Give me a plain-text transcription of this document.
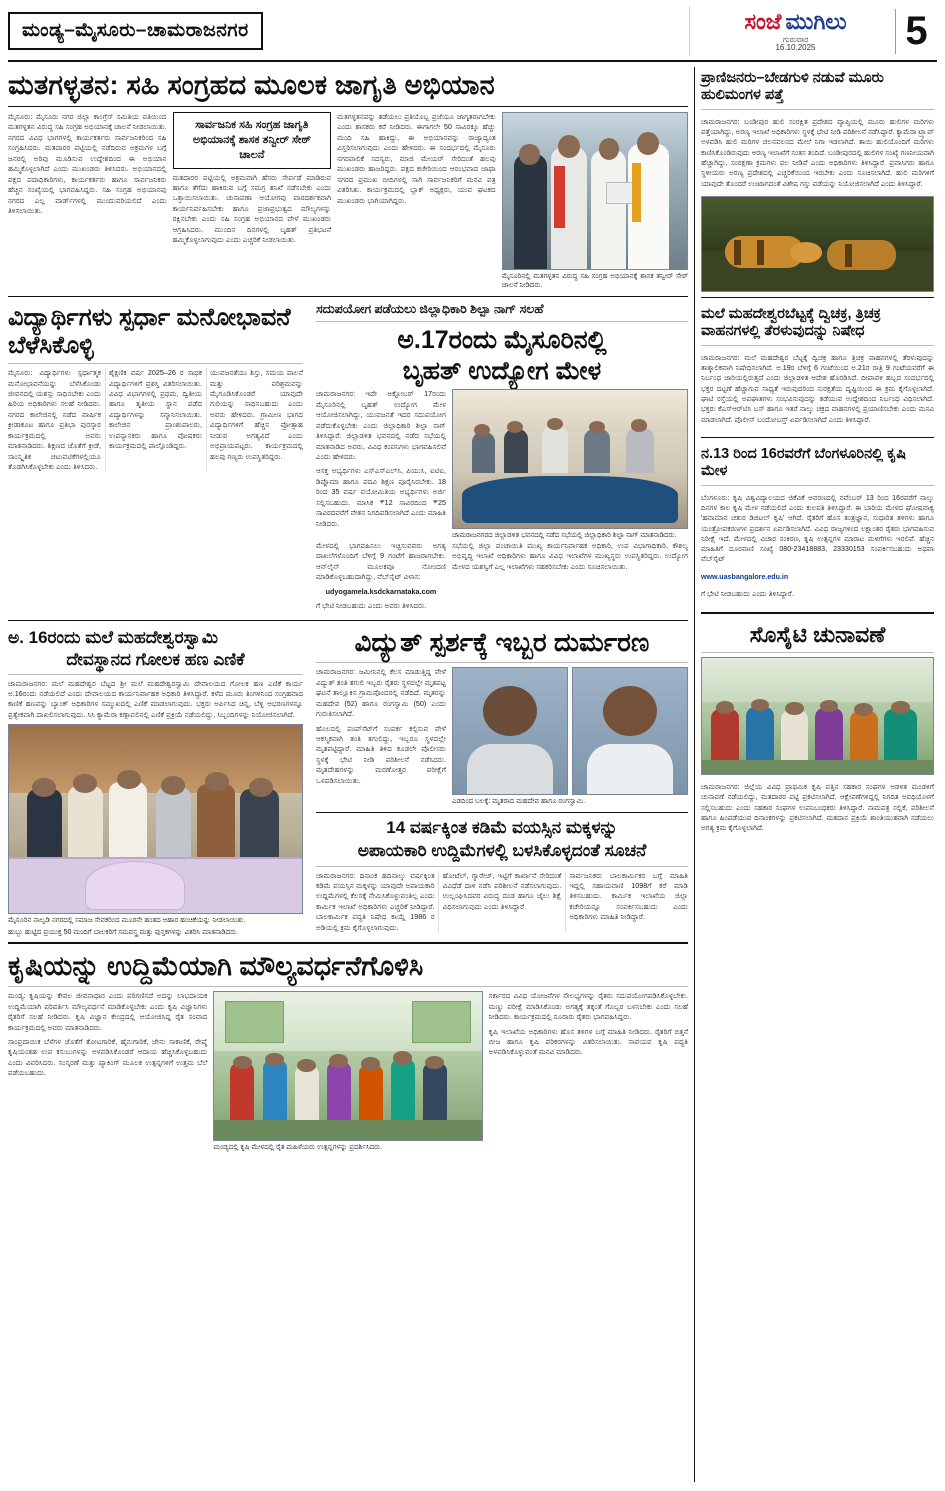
ಮಂಡ್ಯ–ಮೈಸೂರು–ಚಾಮರಾಜನಗರ	ಸಂಜೆ ಮುಗಿಲು
ಗುರುವಾರ
16.10.2025	5
ಮತಗಳ್ಳತನ: ಸಹಿ ಸಂಗ್ರಹದ ಮೂಲಕ ಜಾಗೃತಿ ಅಭಿಯಾನ

ಮೈಸೂರು: ಮೈಸೂರು ನಗರ ಜಿಲ್ಲಾ ಕಾಂಗ್ರೆಸ್ ಸಮಿತಿಯ ವತಿಯಿಂದ ಮತಗಳ್ಳತನ ವಿರುದ್ಧ ಸಹಿ ಸಂಗ್ರಹ ಅಭಿಯಾನಕ್ಕೆ ಚಾಲನೆ ನೀಡಲಾಯಿತು. ನಗರದ ವಿವಿಧ ಭಾಗಗಳಲ್ಲಿ ಕಾರ್ಯಕರ್ತರು ಸಾರ್ವಜನಿಕರಿಂದ ಸಹಿ ಸಂಗ್ರಹಿಸಿದರು. ಮತದಾರರ ಪಟ್ಟಿಯಲ್ಲಿ ನಡೆದಿರುವ ಅಕ್ರಮಗಳ ಬಗ್ಗೆ ಜನರಲ್ಲಿ ಅರಿವು ಮೂಡಿಸುವ ಉದ್ದೇಶದಿಂದ ಈ ಅಭಿಯಾನ ಹಮ್ಮಿಕೊಳ್ಳಲಾಗಿದೆ ಎಂದು ಮುಖಂಡರು ತಿಳಿಸಿದರು. ಅಭಿಯಾನದಲ್ಲಿ ಪಕ್ಷದ ಪದಾಧಿಕಾರಿಗಳು, ಕಾರ್ಯಕರ್ತರು ಹಾಗೂ ಸಾರ್ವಜನಿಕರು ಹೆಚ್ಚಿನ ಸಂಖ್ಯೆಯಲ್ಲಿ ಭಾಗವಹಿಸಿದ್ದರು. ಸಹಿ ಸಂಗ್ರಹ ಅಭಿಯಾನವು ನಗರದ ಎಲ್ಲ ವಾರ್ಡ್‌ಗಳಲ್ಲಿ ಮುಂದುವರಿಯಲಿದೆ ಎಂದು ತಿಳಿಸಲಾಯಿತು.

ಸಾರ್ವಜನಿಕ ಸಹಿ ಸಂಗ್ರಹ ಜಾಗೃತಿ ಅಭಿಯಾನಕ್ಕೆ ಶಾಸಕ ತನ್ವೀರ್ ಸೇಠ್ ಚಾಲನೆ

ಮತದಾರರ ಪಟ್ಟಿಯಲ್ಲಿ ಅಕ್ರಮವಾಗಿ ಹೆಸರು ಸೇರ್ಪಡೆ ಮಾಡಿರುವ ಹಾಗೂ ತೆಗೆದು ಹಾಕಿರುವ ಬಗ್ಗೆ ಸಮಗ್ರ ತನಿಖೆ ನಡೆಸಬೇಕು ಎಂದು ಒತ್ತಾಯಿಸಲಾಯಿತು. ಚುನಾವಣಾ ಆಯೋಗವು ಪಾರದರ್ಶಕವಾಗಿ ಕಾರ್ಯನಿರ್ವಹಿಸಬೇಕು ಹಾಗೂ ಪ್ರಜಾಪ್ರಭುತ್ವದ ಮೌಲ್ಯಗಳನ್ನು ರಕ್ಷಿಸಬೇಕು ಎಂದು ಸಹಿ ಸಂಗ್ರಹ ಅಭಿಯಾನದ ವೇಳೆ ಮುಖಂಡರು ಆಗ್ರಹಿಸಿದರು. ಮುಂದಿನ ದಿನಗಳಲ್ಲಿ ಬೃಹತ್ ಪ್ರತಿಭಟನೆ ಹಮ್ಮಿಕೊಳ್ಳಲಾಗುವುದು ಎಂದು ಎಚ್ಚರಿಕೆ ನೀಡಲಾಯಿತು.

ಮತಗಳ್ಳತನವನ್ನು ತಡೆಯಲು ಪ್ರತಿಯೊಬ್ಬ ಪ್ರಜೆಯೂ ಜಾಗೃತರಾಗಬೇಕು ಎಂದು ಶಾಸಕರು ಕರೆ ನೀಡಿದರು. ಈಗಾಗಲೇ 50 ಸಾವಿರಕ್ಕೂ ಹೆಚ್ಚು ಮಂದಿ ಸಹಿ ಹಾಕಿದ್ದು, ಈ ಅಭಿಯಾನವನ್ನು ರಾಜ್ಯಾದ್ಯಂತ ವಿಸ್ತರಿಸಲಾಗುವುದು ಎಂದು ಹೇಳಿದರು. ಈ ಸಂದರ್ಭದಲ್ಲಿ ಮೈಸೂರು ನಗರಪಾಲಿಕೆ ಸದಸ್ಯರು, ಮಾಜಿ ಮೇಯರ್ ಸೇರಿದಂತೆ ಹಲವು ಮುಖಂಡರು ಹಾಜರಿದ್ದರು. ಪಕ್ಷದ ಕಚೇರಿಯಿಂದ ಆರಂಭವಾದ ಜಾಥಾ ನಗರದ ಪ್ರಮುಖ ಬೀದಿಗಳಲ್ಲಿ ಸಾಗಿ ಸಾರ್ವಜನಿಕರಿಗೆ ಮನವಿ ಪತ್ರ ವಿತರಿಸಿತು. ಕಾರ್ಯಕ್ರಮದಲ್ಲಿ ಬ್ಲಾಕ್ ಅಧ್ಯಕ್ಷರು, ಯುವ ಘಟಕದ ಮುಖಂಡರು ಭಾಗಿಯಾಗಿದ್ದರು.

ಮೈಸೂರಿನಲ್ಲಿ ಮತಗಳ್ಳತನ ವಿರುದ್ಧ ಸಹಿ ಸಂಗ್ರಹ ಅಭಿಯಾನಕ್ಕೆ ಶಾಸಕ ತನ್ವೀರ್ ಸೇಠ್ ಚಾಲನೆ ನೀಡಿದರು.
ವಿದ್ಯಾರ್ಥಿಗಳು ಸ್ಪರ್ಧಾ ಮನೋಭಾವನೆ ಬೆಳೆಸಿಕೊಳ್ಳಿ

ಮೈಸೂರು: ವಿದ್ಯಾರ್ಥಿಗಳು ಸ್ಪರ್ಧಾತ್ಮಕ ಮನೋಭಾವನೆಯನ್ನು ಬೆಳೆಸಿಕೊಂಡು ಜೀವನದಲ್ಲಿ ಯಶಸ್ಸು ಸಾಧಿಸಬೇಕು ಎಂದು ಹಿರಿಯ ಅಧಿಕಾರಿಗಳು ಸಲಹೆ ನೀಡಿದರು. ನಗರದ ಕಾಲೇಜಿನಲ್ಲಿ ನಡೆದ ವಾರ್ಷಿಕ ಕ್ರೀಡಾಕೂಟ ಹಾಗೂ ಪ್ರತಿಭಾ ಪುರಸ್ಕಾರ ಕಾರ್ಯಕ್ರಮದಲ್ಲಿ ಅವರು ಮಾತನಾಡಿದರು. ಶಿಕ್ಷಣದ ಜೊತೆಗೆ ಕ್ರೀಡೆ, ಸಾಂಸ್ಕೃತಿಕ ಚಟುವಟಿಕೆಗಳಲ್ಲಿಯೂ ತೊಡಗಿಸಿಕೊಳ್ಳಬೇಕು ಎಂದು ತಿಳಿಸಿದರು.

ಶೈಕ್ಷಣಿಕ ವರ್ಷ 2025–26 ರ ಸಾಧಕ ವಿದ್ಯಾರ್ಥಿಗಳಿಗೆ ಪ್ರಶಸ್ತಿ ವಿತರಿಸಲಾಯಿತು. ವಿವಿಧ ವಿಭಾಗಗಳಲ್ಲಿ ಪ್ರಥಮ, ದ್ವಿತೀಯ ಹಾಗೂ ತೃತೀಯ ಸ್ಥಾನ ಪಡೆದ ವಿದ್ಯಾರ್ಥಿಗಳನ್ನು ಸನ್ಮಾನಿಸಲಾಯಿತು. ಕಾಲೇಜಿನ ಪ್ರಾಂಶುಪಾಲರು, ಉಪನ್ಯಾಸಕರು ಹಾಗೂ ಪೋಷಕರು ಕಾರ್ಯಕ್ರಮದಲ್ಲಿ ಪಾಲ್ಗೊಂಡಿದ್ದರು.

ಯುವಜನತೆಯು ಶಿಸ್ತು, ಸಮಯ ಪಾಲನೆ ಮತ್ತು ಪರಿಶ್ರಮವನ್ನು ಮೈಗೂಡಿಸಿಕೊಂಡರೆ ಯಾವುದೇ ಗುರಿಯನ್ನು ಸಾಧಿಸಬಹುದು ಎಂದು ಅವರು ಹೇಳಿದರು. ಗ್ರಾಮೀಣ ಭಾಗದ ವಿದ್ಯಾರ್ಥಿಗಳಿಗೆ ಹೆಚ್ಚಿನ ಪ್ರೋತ್ಸಾಹ ನೀಡುವ ಅಗತ್ಯವಿದೆ ಎಂದು ಅಭಿಪ್ರಾಯಪಟ್ಟರು. ಕಾರ್ಯಕ್ರಮದಲ್ಲಿ ಹಲವು ಗಣ್ಯರು ಉಪಸ್ಥಿತರಿದ್ದರು.

ಸದುಪಯೋಗ ಪಡೆಯಲು ಜಿಲ್ಲಾಧಿಕಾರಿ ಶಿಲ್ಪಾ ನಾಗ್ ಸಲಹೆ
ಅ.17ರಂದು ಮೈಸೂರಿನಲ್ಲಿ
ಬೃಹತ್ ಉದ್ಯೋಗ ಮೇಳ

ಚಾಮರಾಜನಗರ: ಇದೇ ಅಕ್ಟೋಬರ್ 17ರಂದು ಮೈಸೂರಿನಲ್ಲಿ ಬೃಹತ್ ಉದ್ಯೋಗ ಮೇಳ ಆಯೋಜಿಸಲಾಗಿದ್ದು, ಯುವಜನತೆ ಇದರ ಸದುಪಯೋಗ ಪಡೆದುಕೊಳ್ಳಬೇಕು ಎಂದು ಜಿಲ್ಲಾಧಿಕಾರಿ ಶಿಲ್ಪಾ ನಾಗ್ ತಿಳಿಸಿದ್ದಾರೆ. ಜಿಲ್ಲಾಡಳಿತ ಭವನದಲ್ಲಿ ನಡೆದ ಸಭೆಯಲ್ಲಿ ಮಾತನಾಡಿದ ಅವರು, ವಿವಿಧ ಕಂಪನಿಗಳು ಭಾಗವಹಿಸಲಿವೆ ಎಂದು ಹೇಳಿದರು.

ಆಸಕ್ತ ಅಭ್ಯರ್ಥಿಗಳು ಎಸ್‌ಎಸ್‌ಎಲ್‌ಸಿ, ಪಿಯುಸಿ, ಐಟಿಐ, ಡಿಪ್ಲೊಮಾ ಹಾಗೂ ಪದವಿ ಶಿಕ್ಷಣ ಪೂರೈಸಿರಬೇಕು. 18 ರಿಂದ 35 ವರ್ಷ ವಯೋಮಿತಿಯ ಅಭ್ಯರ್ಥಿಗಳು ಅರ್ಜಿ ಸಲ್ಲಿಸಬಹುದು. ಮಾಸಿಕ ₹12 ಸಾವಿರದಿಂದ ₹25 ಸಾವಿರದವರೆಗೆ ವೇತನ ನಿಗದಿಪಡಿಸಲಾಗಿದೆ ಎಂದು ಮಾಹಿತಿ ನೀಡಿದರು.

ಚಾಮರಾಜನಗರದ ಜಿಲ್ಲಾಡಳಿತ ಭವನದಲ್ಲಿ ನಡೆದ ಸಭೆಯಲ್ಲಿ ಜಿಲ್ಲಾಧಿಕಾರಿ ಶಿಲ್ಪಾ ನಾಗ್ ಮಾತನಾಡಿದರು.

ಮೇಳದಲ್ಲಿ ಭಾಗವಹಿಸಲು ಇಚ್ಛಿಸುವವರು ಅಗತ್ಯ ದಾಖಲೆಗಳೊಂದಿಗೆ ಬೆಳಿಗ್ಗೆ 9 ಗಂಟೆಗೆ ಹಾಜರಾಗಬೇಕು. ಆನ್‌ಲೈನ್ ಮೂಲಕವೂ ನೋಂದಣಿ ಮಾಡಿಕೊಳ್ಳಬಹುದಾಗಿದ್ದು, ವೆಬ್‌ಸೈಟ್ ವಿಳಾಸ:

udyogamela.ksdckarnataka.com

ಗೆ ಭೇಟಿ ನೀಡಬಹುದು ಎಂದು ಅವರು ತಿಳಿಸಿದರು.

ಸಭೆಯಲ್ಲಿ ಜಿಲ್ಲಾ ಪಂಚಾಯಿತಿ ಮುಖ್ಯ ಕಾರ್ಯನಿರ್ವಾಹಕ ಅಧಿಕಾರಿ, ಉಪ ವಿಭಾಗಾಧಿಕಾರಿ, ಕೌಶಲ್ಯ ಅಭಿವೃದ್ಧಿ ಇಲಾಖೆ ಅಧಿಕಾರಿಗಳು ಹಾಗೂ ವಿವಿಧ ಇಲಾಖೆಗಳ ಮುಖ್ಯಸ್ಥರು ಉಪಸ್ಥಿತರಿದ್ದರು. ಉದ್ಯೋಗ ಮೇಳದ ಯಶಸ್ವಿಗೆ ಎಲ್ಲ ಇಲಾಖೆಗಳು ಸಹಕರಿಸಬೇಕು ಎಂದು ಸೂಚಿಸಲಾಯಿತು.

ಅ. 16ರಂದು ಮಲೆ ಮಹದೇಶ್ವರಸ್ವಾಮಿ
ದೇವಸ್ಥಾನದ ಗೋಲಕ ಹಣ ಎಣಿಕೆ

ಚಾಮರಾಜನಗರ: ಮಲೆ ಮಹದೇಶ್ವರ ಬೆಟ್ಟದ ಶ್ರೀ ಮಲೆ ಮಹದೇಶ್ವರಸ್ವಾಮಿ ದೇವಾಲಯದ ಗೋಲಕ ಹಣ ಎಣಿಕೆ ಕಾರ್ಯ ಅ.16ರಂದು ನಡೆಯಲಿದೆ ಎಂದು ದೇವಾಲಯದ ಕಾರ್ಯನಿರ್ವಾಹಕ ಅಧಿಕಾರಿ ತಿಳಿಸಿದ್ದಾರೆ. ಕಳೆದ ಮೂರು ತಿಂಗಳಿನಿಂದ ಸಂಗ್ರಹವಾದ ಕಾಣಿಕೆ ಹಣವನ್ನು ಬ್ಯಾಂಕ್ ಅಧಿಕಾರಿಗಳ ಸಮ್ಮುಖದಲ್ಲಿ ಎಣಿಕೆ ಮಾಡಲಾಗುವುದು. ಭಕ್ತರು ಅರ್ಪಿಸಿದ ಚಿನ್ನ, ಬೆಳ್ಳಿ ಆಭರಣಗಳನ್ನೂ ಪ್ರತ್ಯೇಕವಾಗಿ ದಾಖಲಿಸಲಾಗುವುದು. ಸಿಸಿ ಕ್ಯಾಮೆರಾ ಕಣ್ಗಾವಲಿನಲ್ಲಿ ಎಣಿಕೆ ಪ್ರಕ್ರಿಯೆ ನಡೆಯಲಿದ್ದು, ಸಿಬ್ಬಂದಿಗಳನ್ನು ನಿಯೋಜಿಸಲಾಗಿದೆ.

ಮೈಸೂರಿನ ನಾಲ್ವಡಿ ನಗರದಲ್ಲಿ ಸಮಾಜ ಸೇವಕರಿಂದ ಮೂರನೇ ಹಂತದ ಆಹಾರ ಹಂಚಿಕೆಯನ್ನು ನೀಡಲಾಯಿತು.
ಹುಬ್ಬು ಹುಟ್ಟಿದ ಪ್ರಯುಕ್ತ 50 ಮಂದಿಗೆ ಬಾಲಕರಿಗೆ ಸಮವಸ್ತ್ರ ಮತ್ತು ಪುಸ್ತಕಗಳನ್ನು ವಿತರಿಸಿ ಮಾತನಾಡಿದರು.
ವಿದ್ಯುತ್ ಸ್ಪರ್ಶಕ್ಕೆ ಇಬ್ಬರ ದುರ್ಮರಣ

ಚಾಮರಾಜನಗರ: ಜಮೀನಿನಲ್ಲಿ ಕೆಲಸ ಮಾಡುತ್ತಿದ್ದ ವೇಳೆ ವಿದ್ಯುತ್ ತಂತಿ ತಗುಲಿ ಇಬ್ಬರು ರೈತರು ಸ್ಥಳದಲ್ಲೇ ಮೃತಪಟ್ಟ ಘಟನೆ ತಾಲ್ಲೂಕಿನ ಗ್ರಾಮವೊಂದರಲ್ಲಿ ನಡೆದಿದೆ. ಮೃತರನ್ನು ಮಹದೇವ (52) ಹಾಗೂ ರಂಗಸ್ವಾಮಿ (50) ಎಂದು ಗುರುತಿಸಲಾಗಿದೆ.

ಹೊಲದಲ್ಲಿ ಪಂಪ್‌ಸೆಟ್‌ಗೆ ಸಂಪರ್ಕ ಕಲ್ಪಿಸುವ ವೇಳೆ ಆಕಸ್ಮಿಕವಾಗಿ ತಂತಿ ತಗುಲಿದ್ದು, ಇಬ್ಬರೂ ಸ್ಥಳದಲ್ಲೇ ಮೃತಪಟ್ಟಿದ್ದಾರೆ. ಮಾಹಿತಿ ತಿಳಿದ ಕೂಡಲೇ ಪೊಲೀಸರು ಸ್ಥಳಕ್ಕೆ ಭೇಟಿ ನೀಡಿ ಪರಿಶೀಲನೆ ನಡೆಸಿದರು. ಮೃತದೇಹಗಳನ್ನು ಮರಣೋತ್ತರ ಪರೀಕ್ಷೆಗೆ ಒಳಪಡಿಸಲಾಯಿತು.

ಎಡದಿಂದ ಬಲಕ್ಕೆ: ಮೃತರಾದ ಮಹದೇವ ಹಾಗೂ ರಂಗಸ್ವಾಮಿ.
14 ವರ್ಷಕ್ಕಿಂತ ಕಡಿಮೆ ವಯಸ್ಸಿನ ಮಕ್ಕಳನ್ನು
ಅಪಾಯಕಾರಿ ಉದ್ದಿಮೆಗಳಲ್ಲಿ ಬಳಸಿಕೊಳ್ಳದಂತೆ ಸೂಚನೆ

ಚಾಮರಾಜನಗರ: ದಿನಾಂಕ ಹದಿನಾಲ್ಕು ವರ್ಷಕ್ಕಿಂತ ಕಡಿಮೆ ವಯಸ್ಸಿನ ಮಕ್ಕಳನ್ನು ಯಾವುದೇ ಅಪಾಯಕಾರಿ ಉದ್ದಿಮೆಗಳಲ್ಲಿ ಕೆಲಸಕ್ಕೆ ನೇಮಿಸಿಕೊಳ್ಳುವಂತಿಲ್ಲ ಎಂದು ಕಾರ್ಮಿಕ ಇಲಾಖೆ ಅಧಿಕಾರಿಗಳು ಎಚ್ಚರಿಕೆ ನೀಡಿದ್ದಾರೆ. ಬಾಲಕಾರ್ಮಿಕ ಪದ್ಧತಿ ನಿಷೇಧ ಕಾಯ್ದೆ 1986 ರ ಅಡಿಯಲ್ಲಿ ಕ್ರಮ ಕೈಗೊಳ್ಳಲಾಗುವುದು.

ಹೋಟೆಲ್, ಗ್ಯಾರೇಜ್, ಇಟ್ಟಿಗೆ ಕಾರ್ಖಾನೆ ಸೇರಿದಂತೆ ವಿವಿಧೆಡೆ ದಾಳಿ ನಡೆಸಿ ಪರಿಶೀಲನೆ ನಡೆಸಲಾಗುವುದು. ಉಲ್ಲಂಘಿಸಿದವರ ವಿರುದ್ಧ ದಂಡ ಹಾಗೂ ಜೈಲು ಶಿಕ್ಷೆ ವಿಧಿಸಲಾಗುವುದು ಎಂದು ತಿಳಿಸಿದ್ದಾರೆ.

ಸಾರ್ವಜನಿಕರು ಬಾಲಕಾರ್ಮಿಕರ ಬಗ್ಗೆ ಮಾಹಿತಿ ಇದ್ದಲ್ಲಿ ಸಹಾಯವಾಣಿ 1098ಗೆ ಕರೆ ಮಾಡಿ ತಿಳಿಸಬಹುದು. ಕಾರ್ಮಿಕ ಇಲಾಖೆಯ ಜಿಲ್ಲಾ ಕಚೇರಿಯನ್ನೂ ಸಂಪರ್ಕಿಸಬಹುದು ಎಂದು ಅಧಿಕಾರಿಗಳು ಮಾಹಿತಿ ನೀಡಿದ್ದಾರೆ.

ಕೃಷಿಯನ್ನು ಉದ್ದಿಮೆಯಾಗಿ ಮೌಲ್ಯವರ್ಧನೆಗೊಳಿಸಿ

ಮಂಡ್ಯ: ಕೃಷಿಯನ್ನು ಕೇವಲ ಜೀವನಾಧಾರ ಎಂದು ಪರಿಗಣಿಸದೆ ಅದನ್ನು ಲಾಭದಾಯಕ ಉದ್ದಿಮೆಯಾಗಿ ಪರಿವರ್ತಿಸಿ ಮೌಲ್ಯವರ್ಧನೆ ಮಾಡಿಕೊಳ್ಳಬೇಕು ಎಂದು ಕೃಷಿ ವಿಜ್ಞಾನಿಗಳು ರೈತರಿಗೆ ಸಲಹೆ ನೀಡಿದರು. ಕೃಷಿ ವಿಜ್ಞಾನ ಕೇಂದ್ರದಲ್ಲಿ ಆಯೋಜಿಸಿದ್ದ ರೈತ ಸಂವಾದ ಕಾರ್ಯಕ್ರಮದಲ್ಲಿ ಅವರು ಮಾತನಾಡಿದರು.

ಸಾಂಪ್ರದಾಯಿಕ ಬೆಳೆಗಳ ಜೊತೆಗೆ ತೋಟಗಾರಿಕೆ, ಹೈನುಗಾರಿಕೆ, ಜೇನು ಸಾಕಾಣಿಕೆ, ರೇಷ್ಮೆ ಕೃಷಿಯಂತಹ ಉಪ ಕಸುಬುಗಳನ್ನು ಅಳವಡಿಸಿಕೊಂಡರೆ ಆದಾಯ ಹೆಚ್ಚಿಸಿಕೊಳ್ಳಬಹುದು ಎಂದು ವಿವರಿಸಿದರು. ಸಂಸ್ಕರಣೆ ಮತ್ತು ಪ್ಯಾಕಿಂಗ್ ಮೂಲಕ ಉತ್ಪನ್ನಗಳಿಗೆ ಉತ್ತಮ ಬೆಲೆ ಪಡೆಯಬಹುದು.

ಮಂಡ್ಯದಲ್ಲಿ ಕೃಷಿ ಮೇಳದಲ್ಲಿ ರೈತ ಮಹಿಳೆಯರು ಉತ್ಪನ್ನಗಳನ್ನು ಪ್ರದರ್ಶಿಸಿದರು.

ಸರ್ಕಾರದ ವಿವಿಧ ಯೋಜನೆಗಳ ಸೌಲಭ್ಯಗಳನ್ನು ರೈತರು ಸದುಪಯೋಗಪಡಿಸಿಕೊಳ್ಳಬೇಕು. ಮಣ್ಣು ಪರೀಕ್ಷೆ ಮಾಡಿಸಿಕೊಂಡು ಅಗತ್ಯಕ್ಕೆ ತಕ್ಕಂತೆ ಗೊಬ್ಬರ ಬಳಸಬೇಕು ಎಂದು ಸಲಹೆ ನೀಡಿದರು. ಕಾರ್ಯಕ್ರಮದಲ್ಲಿ ನೂರಾರು ರೈತರು ಭಾಗವಹಿಸಿದ್ದರು.

ಕೃಷಿ ಇಲಾಖೆಯ ಅಧಿಕಾರಿಗಳು ಹೊಸ ತಳಿಗಳ ಬಗ್ಗೆ ಮಾಹಿತಿ ನೀಡಿದರು. ರೈತರಿಗೆ ಬಿತ್ತನೆ ಬೀಜ ಹಾಗೂ ಕೃಷಿ ಪರಿಕರಗಳನ್ನು ವಿತರಿಸಲಾಯಿತು. ಸಾವಯವ ಕೃಷಿ ಪದ್ಧತಿ ಅಳವಡಿಸಿಕೊಳ್ಳುವಂತೆ ಮನವಿ ಮಾಡಿದರು.

ಪ್ರಾಣಿಜನರು–ಬೇಡಗುಳಿ ನಡುವೆ ಮೂರು ಹುಲಿಮಂಗಳ ಪತ್ತೆ

ಚಾಮರಾಜನಗರ: ಬಂಡೀಪುರ ಹುಲಿ ಸಂರಕ್ಷಿತ ಪ್ರದೇಶದ ವ್ಯಾಪ್ತಿಯಲ್ಲಿ ಮೂರು ಹುಲಿಗಳ ಮರಿಗಳು ಪತ್ತೆಯಾಗಿದ್ದು, ಅರಣ್ಯ ಇಲಾಖೆ ಅಧಿಕಾರಿಗಳು ಸ್ಥಳಕ್ಕೆ ಭೇಟಿ ನೀಡಿ ಪರಿಶೀಲನೆ ನಡೆಸಿದ್ದಾರೆ. ಕ್ಯಾಮೆರಾ ಟ್ರ್ಯಾಪ್ ಅಳವಡಿಸಿ ಹುಲಿ ಮರಿಗಳ ಚಲನವಲನದ ಮೇಲೆ ನಿಗಾ ಇಡಲಾಗಿದೆ. ತಾಯಿ ಹುಲಿಯೊಂದಿಗೆ ಮರಿಗಳು ಕಾಣಿಸಿಕೊಂಡಿರುವುದು ಅರಣ್ಯ ಇಲಾಖೆಗೆ ಸಂತಸ ತಂದಿದೆ. ಬಂಡೀಪುರದಲ್ಲಿ ಹುಲಿಗಳ ಸಂಖ್ಯೆ ಗಣನೀಯವಾಗಿ ಹೆಚ್ಚಾಗಿದ್ದು, ಸಂರಕ್ಷಣಾ ಕ್ರಮಗಳು ಫಲ ನೀಡಿವೆ ಎಂದು ಅಧಿಕಾರಿಗಳು ತಿಳಿಸಿದ್ದಾರೆ. ಪ್ರವಾಸಿಗರು ಹಾಗೂ ಸ್ಥಳೀಯರು ಅರಣ್ಯ ಪ್ರದೇಶದಲ್ಲಿ ಎಚ್ಚರಿಕೆಯಿಂದ ಇರಬೇಕು ಎಂದು ಸೂಚಿಸಲಾಗಿದೆ. ಹುಲಿ ಮರಿಗಳಿಗೆ ಯಾವುದೇ ತೊಂದರೆ ಉಂಟಾಗದಂತೆ ವಿಶೇಷ ಗಸ್ತು ಪಡೆಯನ್ನು ನಿಯೋಜಿಸಲಾಗಿದೆ ಎಂದು ತಿಳಿಸಿದ್ದಾರೆ.

ಮಲೆ ಮಹದೇಶ್ವರಬೆಟ್ಟಕ್ಕೆ ದ್ವಿಚಕ್ರ, ತ್ರಿಚಕ್ರ ವಾಹನಗಳಲ್ಲಿ ತೆರಳುವುದನ್ನು ನಿಷೇಧ

ಚಾಮರಾಜನಗರ: ಮಲೆ ಮಹದೇಶ್ವರ ಬೆಟ್ಟಕ್ಕೆ ದ್ವಿಚಕ್ರ ಹಾಗೂ ತ್ರಿಚಕ್ರ ವಾಹನಗಳಲ್ಲಿ ತೆರಳುವುದನ್ನು ತಾತ್ಕಾಲಿಕವಾಗಿ ನಿಷೇಧಿಸಲಾಗಿದೆ. ಅ.19ರ ಬೆಳಿಗ್ಗೆ 6 ಗಂಟೆಯಿಂದ ಅ.21ರ ರಾತ್ರಿ 9 ಗಂಟೆಯವರೆಗೆ ಈ ನಿರ್ಬಂಧ ಜಾರಿಯಲ್ಲಿರುತ್ತದೆ ಎಂದು ಜಿಲ್ಲಾಡಳಿತ ಆದೇಶ ಹೊರಡಿಸಿದೆ. ದೀಪಾವಳಿ ಹಬ್ಬದ ಸಂದರ್ಭದಲ್ಲಿ ಭಕ್ತರ ದಟ್ಟಣೆ ಹೆಚ್ಚಾಗುವ ಸಾಧ್ಯತೆ ಇರುವುದರಿಂದ ಸುರಕ್ಷತೆಯ ದೃಷ್ಟಿಯಿಂದ ಈ ಕ್ರಮ ಕೈಗೊಳ್ಳಲಾಗಿದೆ. ಘಾಟಿ ರಸ್ತೆಯಲ್ಲಿ ಅಪಘಾತಗಳು ಸಂಭವಿಸುವುದನ್ನು ತಡೆಯುವ ಉದ್ದೇಶದಿಂದ ನಿರ್ಬಂಧ ವಿಧಿಸಲಾಗಿದೆ. ಭಕ್ತರು ಕೆಎಸ್‌ಆರ್‌ಟಿಸಿ ಬಸ್ ಹಾಗೂ ಇತರೆ ನಾಲ್ಕು ಚಕ್ರದ ವಾಹನಗಳಲ್ಲಿ ಪ್ರಯಾಣಿಸಬೇಕು ಎಂದು ಮನವಿ ಮಾಡಲಾಗಿದೆ. ಪೊಲೀಸ್ ಬಂದೋಬಸ್ತ್ ಏರ್ಪಡಿಸಲಾಗಿದೆ ಎಂದು ತಿಳಿಸಿದ್ದಾರೆ.

ನ.13 ರಿಂದ 16ರವರೆಗೆ ಬೆಂಗಳೂರಿನಲ್ಲಿ ಕೃಷಿ ಮೇಳ

ಬೆಂಗಳೂರು: ಕೃಷಿ ವಿಶ್ವವಿದ್ಯಾಲಯದ ಜಿಕೆವಿಕೆ ಆವರಣದಲ್ಲಿ ನವೆಂಬರ್ 13 ರಿಂದ 16ರವರೆಗೆ ನಾಲ್ಕು ದಿನಗಳ ಕಾಲ ಕೃಷಿ ಮೇಳ ನಡೆಯಲಿದೆ ಎಂದು ಕುಲಪತಿ ತಿಳಿಸಿದ್ದಾರೆ. ಈ ಬಾರಿಯ ಮೇಳದ ಘೋಷವಾಕ್ಯ 'ಹವಾಮಾನ ಚತುರ ಡಿಜಿಟಲ್ ಕೃಷಿ' ಆಗಿದೆ. ರೈತರಿಗೆ ಹೊಸ ತಂತ್ರಜ್ಞಾನ, ಸುಧಾರಿತ ತಳಿಗಳು ಹಾಗೂ ಯಂತ್ರೋಪಕರಣಗಳ ಪ್ರದರ್ಶನ ಏರ್ಪಡಿಸಲಾಗಿದೆ. ವಿವಿಧ ರಾಜ್ಯಗಳಿಂದ ಲಕ್ಷಾಂತರ ರೈತರು ಭಾಗವಹಿಸುವ ನಿರೀಕ್ಷೆ ಇದೆ. ಮೇಳದಲ್ಲಿ ವಿಚಾರ ಸಂಕಿರಣ, ಕೃಷಿ ಉತ್ಪನ್ನಗಳ ಮಾರಾಟ ಮಳಿಗೆಗಳು ಇರಲಿವೆ. ಹೆಚ್ಚಿನ ಮಾಹಿತಿಗೆ ದೂರವಾಣಿ ಸಂಖ್ಯೆ 080-23418883, 23330153 ಸಂಪರ್ಕಿಸಬಹುದು ಅಥವಾ ವೆಬ್‌ಸೈಟ್

www.uasbangalore.edu.in

ಗೆ ಭೇಟಿ ನೀಡಬಹುದು ಎಂದು ತಿಳಿಸಿದ್ದಾರೆ.

ಸೊಸೈಟಿ ಚುನಾವಣೆ

ಚಾಮರಾಜನಗರ: ಜಿಲ್ಲೆಯ ವಿವಿಧ ಪ್ರಾಥಮಿಕ ಕೃಷಿ ಪತ್ತಿನ ಸಹಕಾರ ಸಂಘಗಳ ಆಡಳಿತ ಮಂಡಳಿಗೆ ಚುನಾವಣೆ ನಡೆಯಲಿದ್ದು, ಮತದಾರರ ಪಟ್ಟಿ ಪ್ರಕಟಿಸಲಾಗಿದೆ. ಆಕ್ಷೇಪಣೆಗಳಿದ್ದಲ್ಲಿ ನಿಗದಿತ ಅವಧಿಯೊಳಗೆ ಸಲ್ಲಿಸಬಹುದು ಎಂದು ಸಹಕಾರ ಸಂಘಗಳ ಉಪನಿಬಂಧಕರು ತಿಳಿಸಿದ್ದಾರೆ. ನಾಮಪತ್ರ ಸಲ್ಲಿಕೆ, ಪರಿಶೀಲನೆ ಹಾಗೂ ಹಿಂಪಡೆಯುವ ದಿನಾಂಕಗಳನ್ನು ಪ್ರಕಟಿಸಲಾಗಿದೆ. ಮತದಾನ ಪ್ರಕ್ರಿಯೆ ಶಾಂತಿಯುತವಾಗಿ ನಡೆಯಲು ಅಗತ್ಯ ಕ್ರಮ ಕೈಗೊಳ್ಳಲಾಗಿದೆ.
